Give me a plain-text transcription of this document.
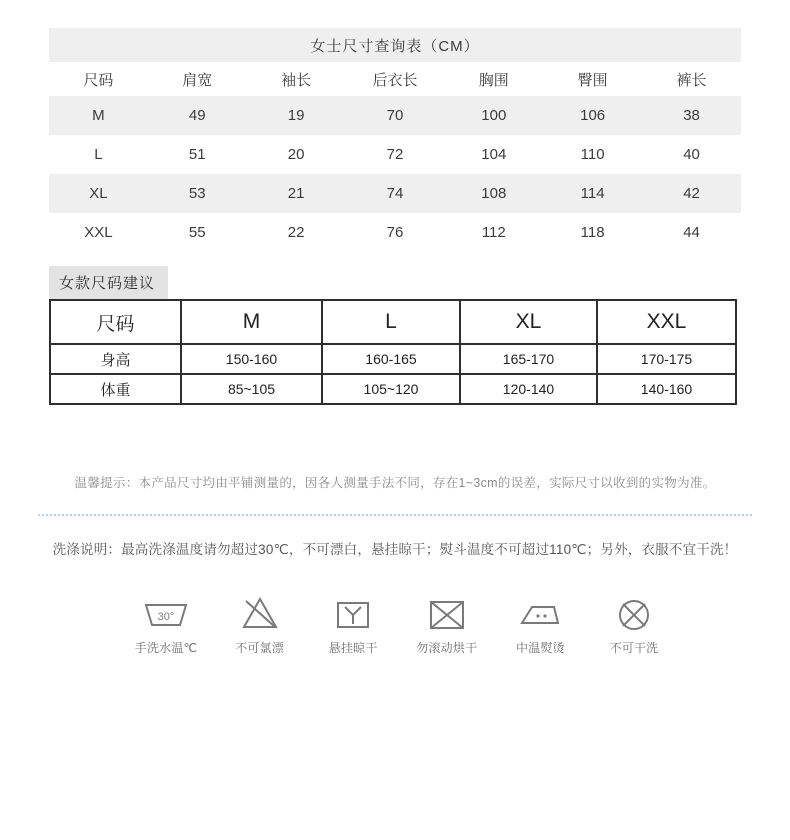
女士尺寸查询表（CM）						
尺码	肩宽	袖长	后衣长	胸围	臀围	裤长
M	49	19	70	100	106	38
L	51	20	72	104	110	40
XL	53	21	74	108	114	42
XXL	55	22	76	112	118	44
女款尺码建议
尺码	M	L	XL	XXL
身高	150-160	160-165	165-170	170-175
体重	85~105	105~120	120-140	140-160
温馨提示：本产品尺寸均由平铺测量的，因各人测量手法不同，存在1~3cm的误差，实际尺寸以收到的实物为准。
洗涤说明：最高洗涤温度请勿超过30℃，不可漂白，悬挂晾干；熨斗温度不可超过110℃；另外，衣服不宜干洗！
30°
手洗水温℃	不可氯漂	悬挂晾干	勿滚动烘干	中温熨烫	不可干洗
